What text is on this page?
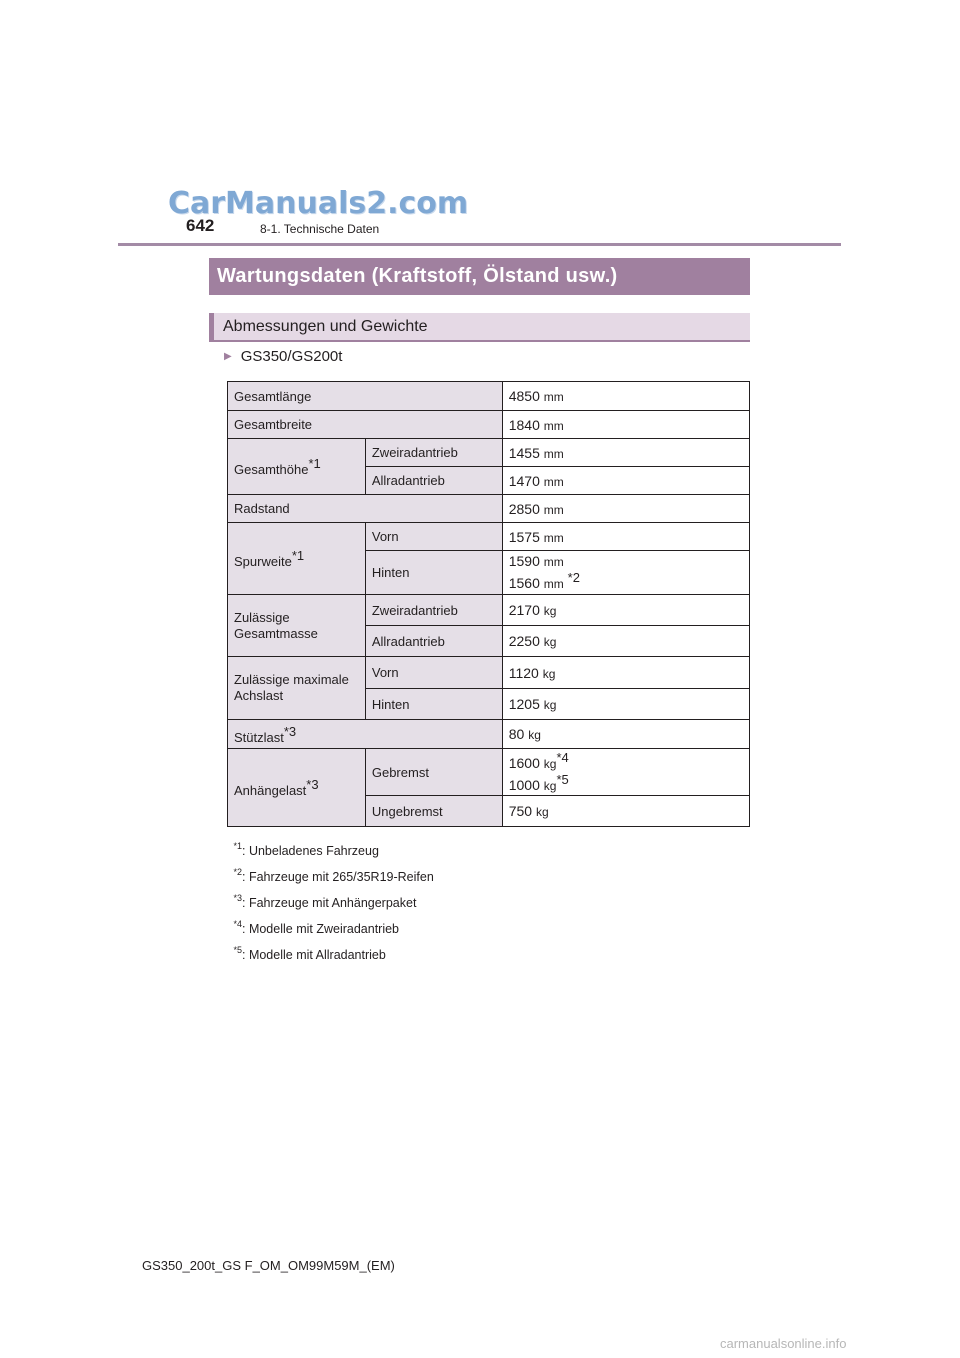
CarManuals2.com
642	8-1. Technische Daten
Wartungsdaten (Kraftstoff, Ölstand usw.)
Abmessungen und Gewichte
▶ GS350/GS200t
Gesamtlänge		4850 mm
Gesamtbreite		1840 mm
Gesamthöhe$^{*1}$	Zweiradantrieb	1455 mm
	Allradantrieb	1470 mm
Radstand		2850 mm
Spurweite$^{*1}$	Vorn	1575 mm
	Hinten	1590 mm
1560 mm $^{*2}$

Zulässige
Gesamtmasse	Zweiradantrieb	2170 kg
	Allradantrieb	2250 kg

Zulässige maximale
Achslast	Vorn	1120 kg
	Hinten	1205 kg
Stützlast$^{*3}$		80 kg
Anhängelast$^{*3}$	Gebremst	1600 $kg^{*4}$
1000 $kg^{*5}$

	Ungebremst	750 kg
$^{*1}$: Unbeladenes Fahrzeug
$^{*2}$: Fahrzeuge mit 265/35R19-Reifen
$^{*3}$: Fahrzeuge mit Anhängerpaket
$^{*4}$: Modelle mit Zweiradantrieb
$^{*5}$: Modelle mit Allradantrieb
GS350_200t_GS F_OM_OM99M59M_(EM)
carmanualsonline.info
